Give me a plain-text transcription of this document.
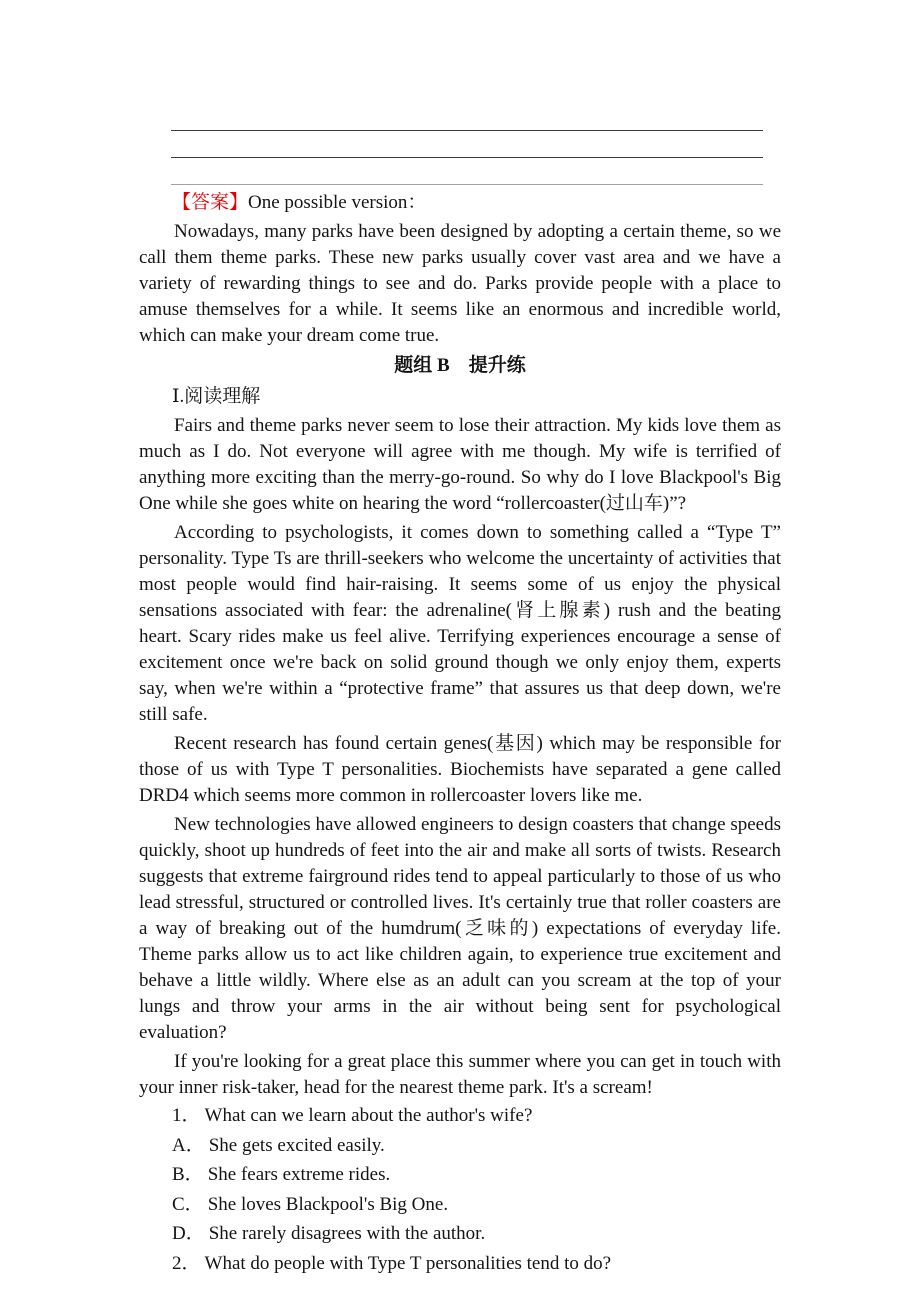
【答案】One possible version：

Nowadays, many parks have been designed by adopting a certain theme, so we call them theme parks. These new parks usually cover vast area and we have a variety of rewarding things to see and do. Parks provide people with a place to amuse themselves for a while. It seems like an enormous and incredible world, which can make your dream come true.

题组 B　提升练
Ⅰ.阅读理解

Fairs and theme parks never seem to lose their attraction. My kids love them as much as I do. Not everyone will agree with me though. My wife is terrified of anything more exciting than the merry-go-round. So why do I love Blackpool's Big One while she goes white on hearing the word “rollercoaster(过山车)”?

According to psychologists, it comes down to something called a “Type T” personality. Type Ts are thrill-seekers who welcome the uncertainty of activities that most people would find hair-raising. It seems some of us enjoy the physical sensations associated with fear: the adrenaline(肾上腺素) rush and the beating heart. Scary rides make us feel alive. Terrifying experiences encourage a sense of excitement once we're back on solid ground though we only enjoy them, experts say, when we're within a “protective frame” that assures us that deep down, we're still safe.

Recent research has found certain genes(基因) which may be responsible for those of us with Type T personalities. Biochemists have separated a gene called DRD4 which seems more common in rollercoaster lovers like me.

New technologies have allowed engineers to design coasters that change speeds quickly, shoot up hundreds of feet into the air and make all sorts of twists. Research suggests that extreme fairground rides tend to appeal particularly to those of us who lead stressful, structured or controlled lives. It's certainly true that roller coasters are a way of breaking out of the humdrum(乏味的) expectations of everyday life. Theme parks allow us to act like children again, to experience true excitement and behave a little wildly. Where else as an adult can you scream at the top of your lungs and throw your arms in the air without being sent for psychological evaluation?

If you're looking for a great place this summer where you can get in touch with your inner risk-taker, head for the nearest theme park. It's a scream!

1． What can we learn about the author's wife?
A． She gets excited easily.
B． She fears extreme rides.
C． She loves Blackpool's Big One.
D． She rarely disagrees with the author.
2． What do people with Type T personalities tend to do?
